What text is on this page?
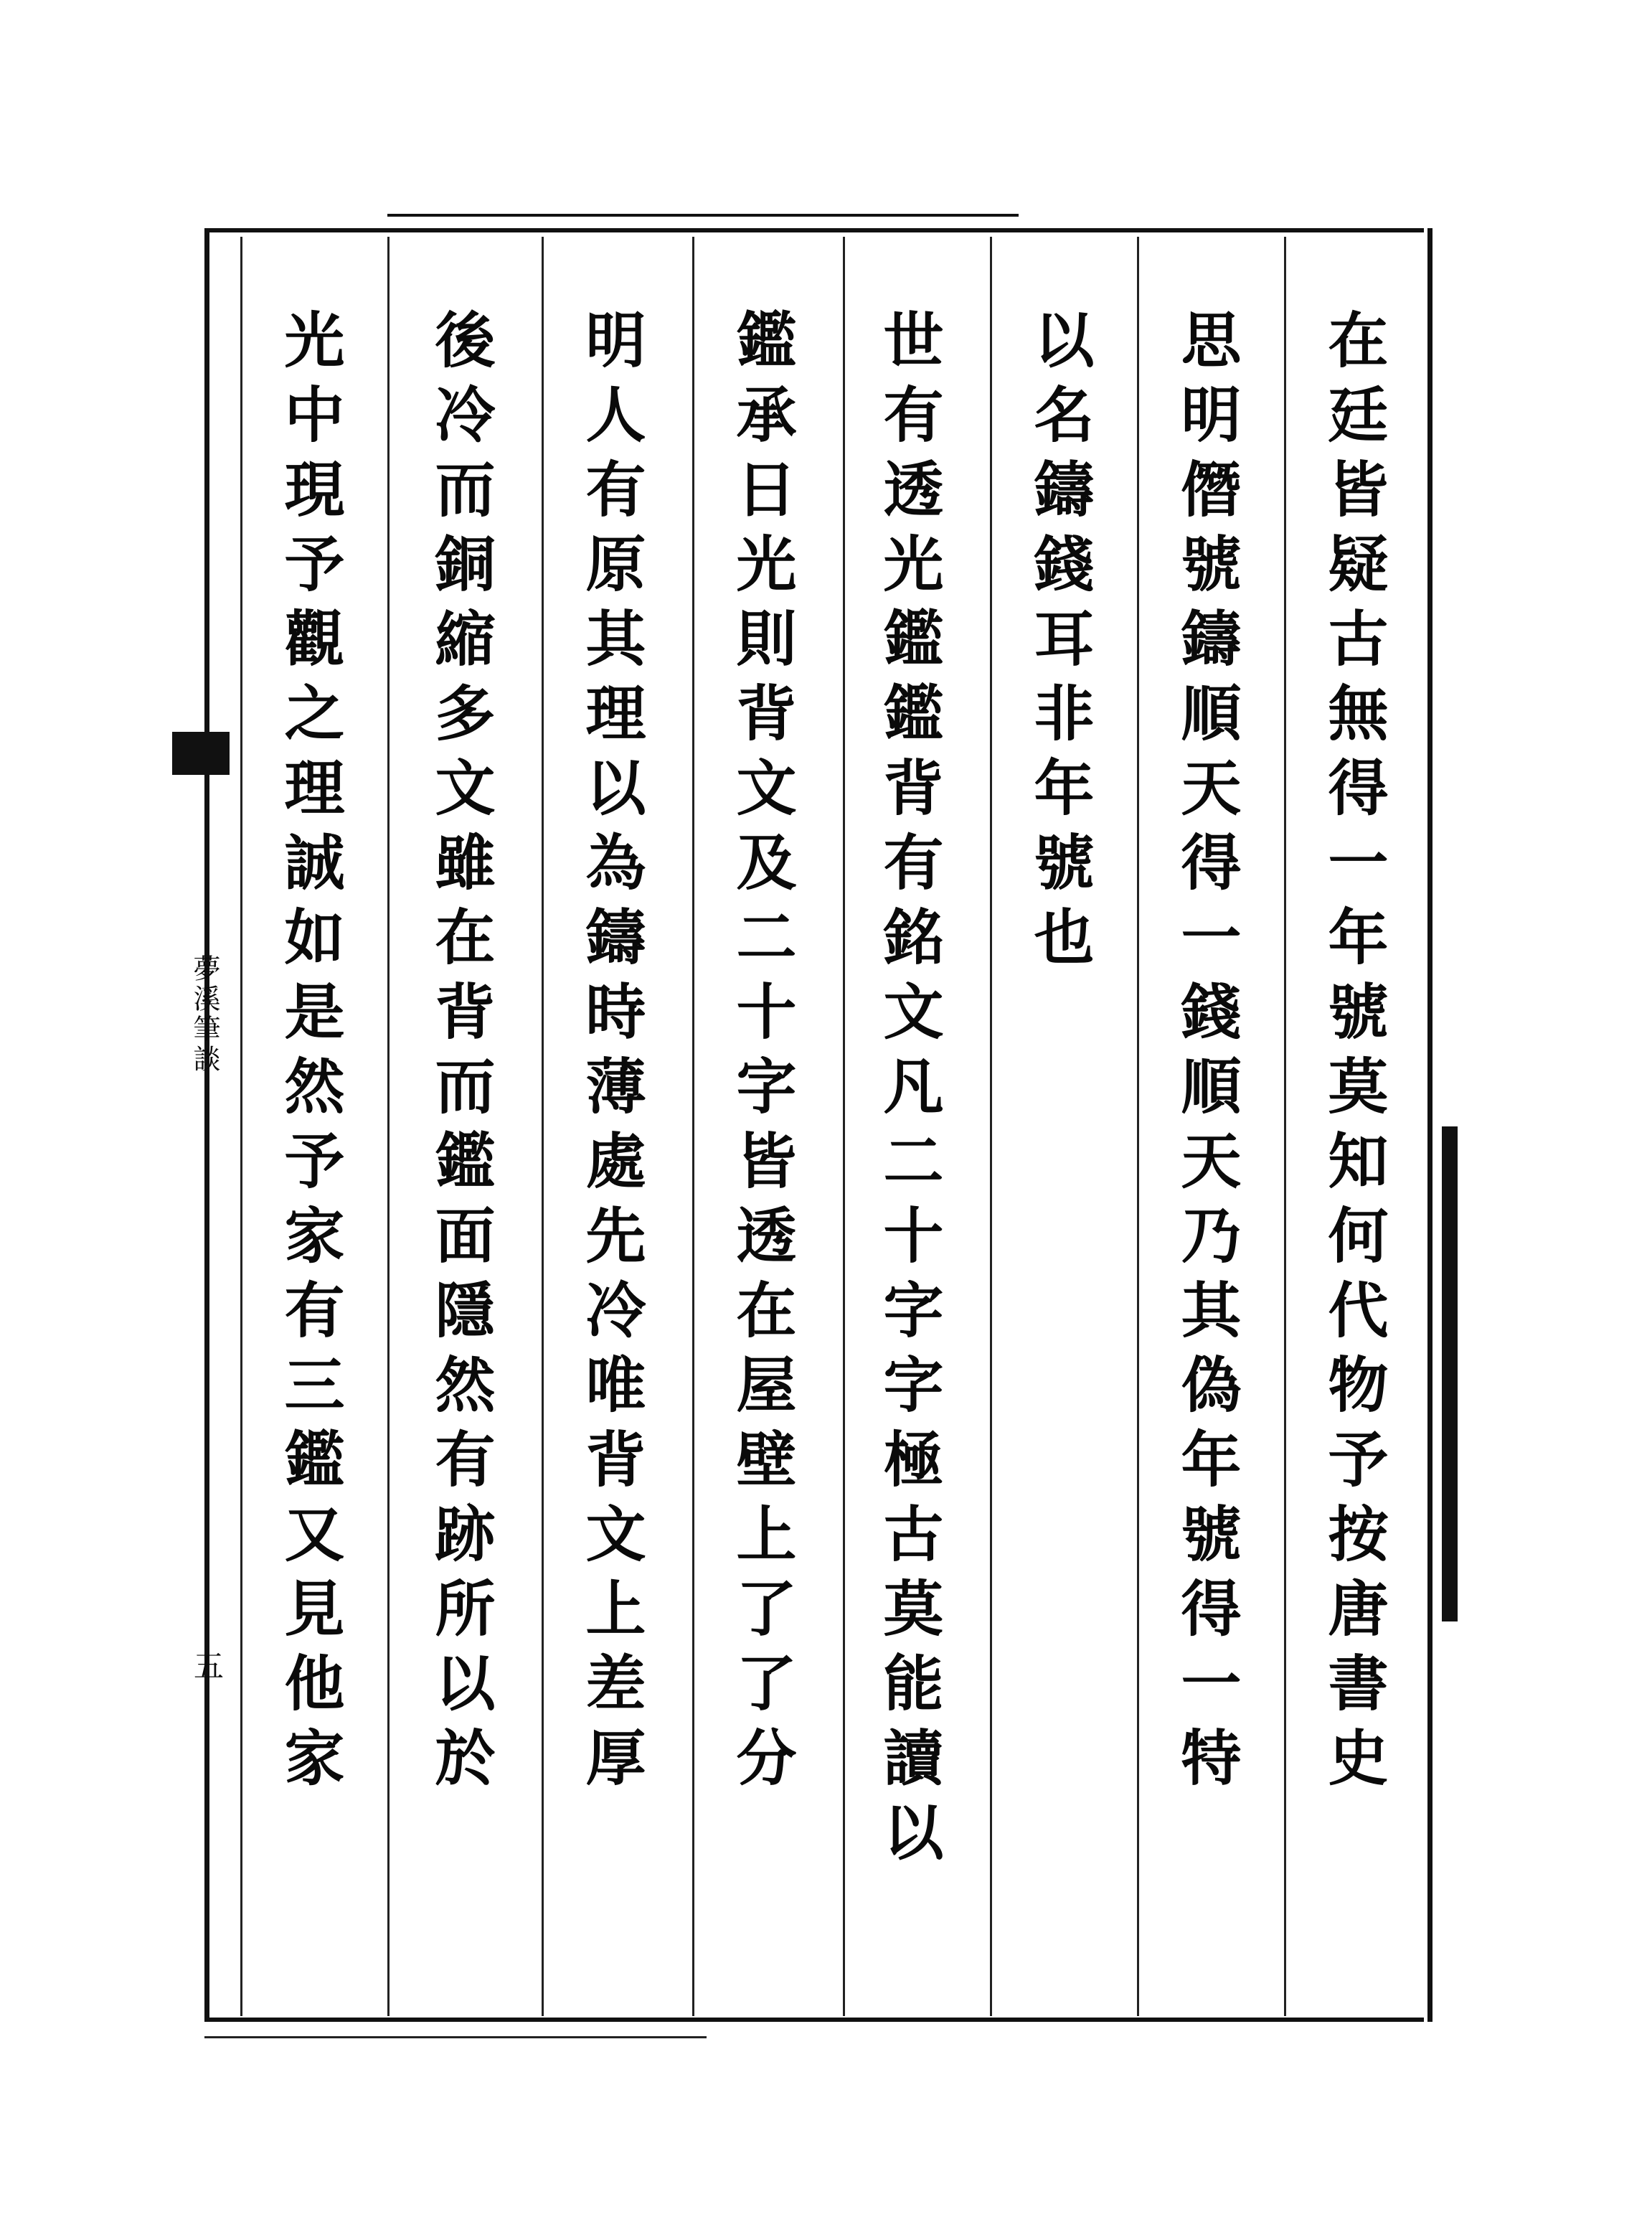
夢溪筆談
五	在廷皆疑古無得一年號莫知何代物予按唐書史
思明僭號鑄順天得一錢順天乃其偽年號得一特
以名鑄錢耳非年號也
世有透光鑑鑑背有銘文凡二十字字極古莫能讀以
鑑承日光則背文及二十字皆透在屋壁上了了分
明人有原其理以為鑄時薄處先冷唯背文上差厚
後冷而銅縮多文雖在背而鑑面隱然有跡所以於
光中現予觀之理誠如是然予家有三鑑又見他家
